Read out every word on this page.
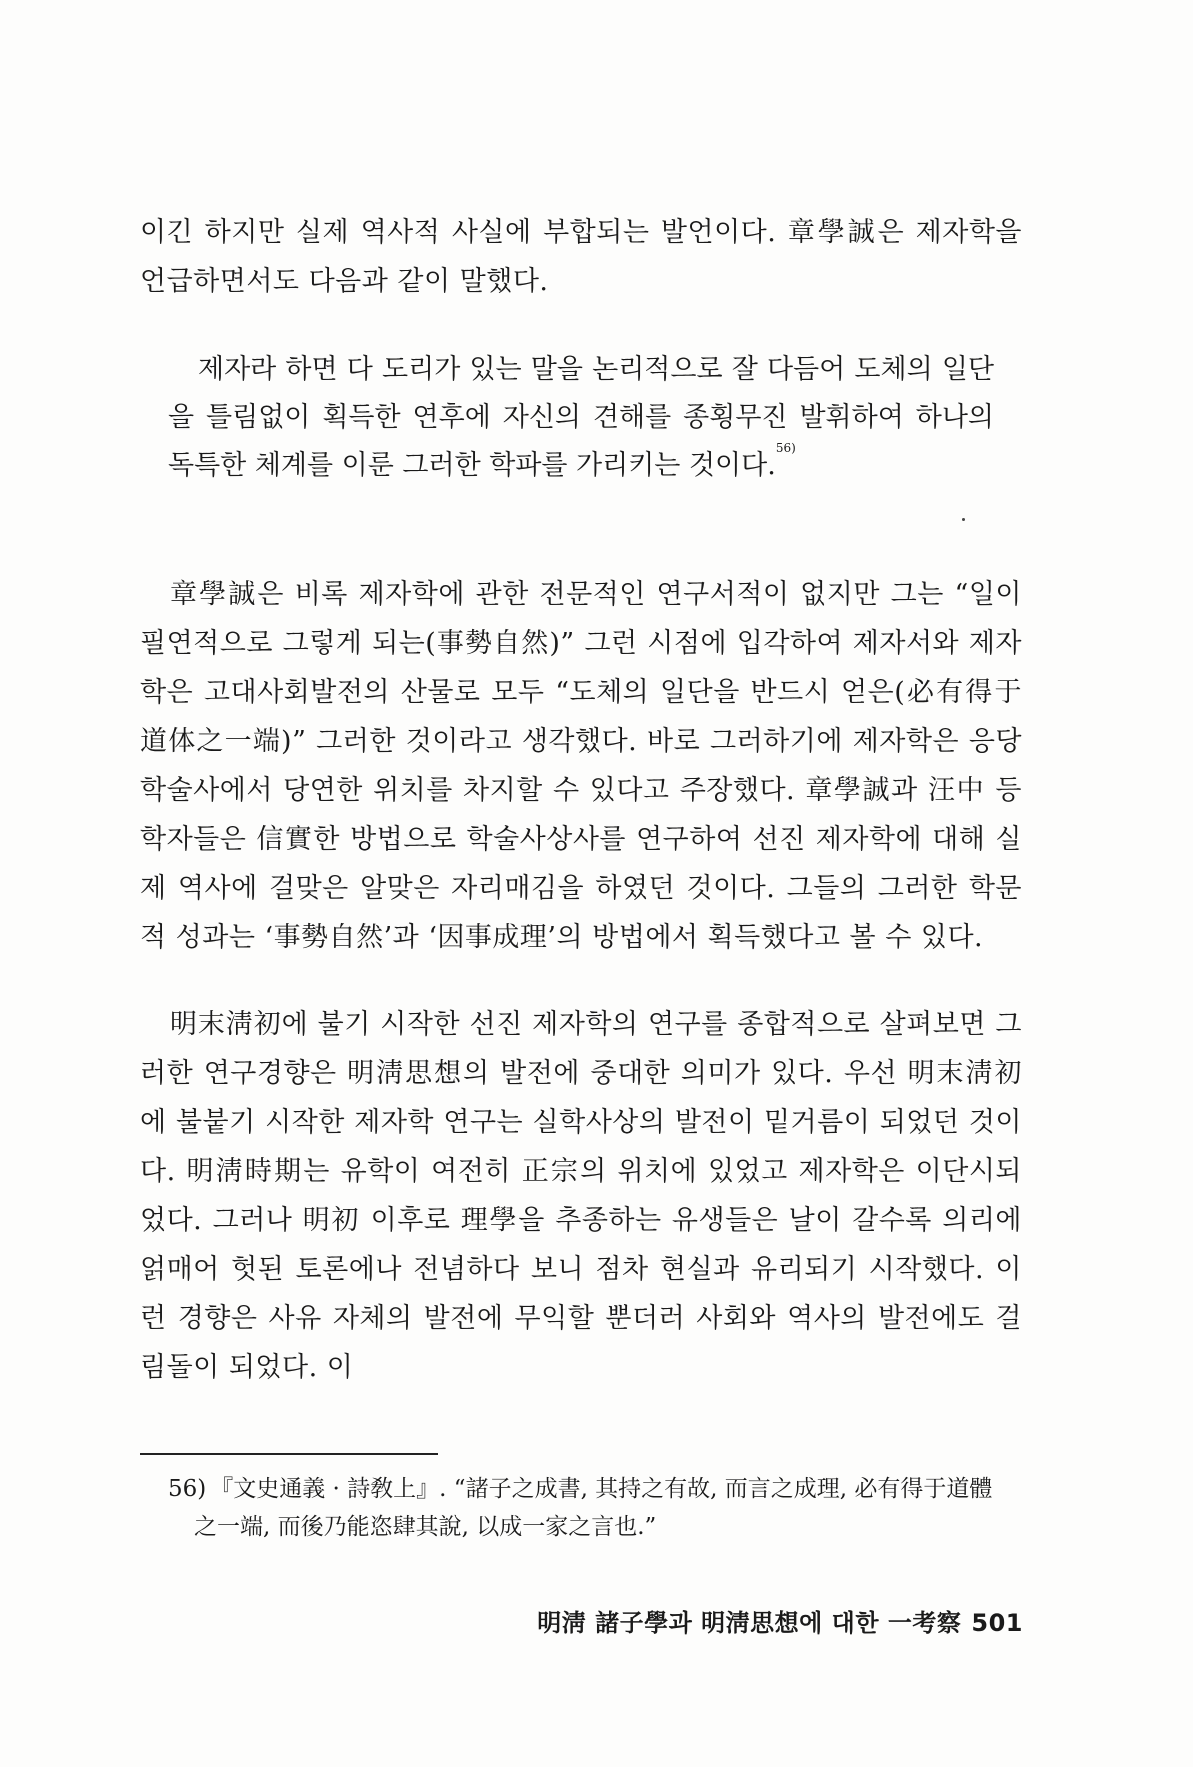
이긴 하지만 실제 역사적 사실에 부합되는 발언이다. 章學誠은 제자학을 언급하면서도 다음과 같이 말했다.
제자라 하면 다 도리가 있는 말을 논리적으로 잘 다듬어 도체의 일단을 틀림없이 획득한 연후에 자신의 견해를 종횡무진 발휘하여 하나의 독특한 체계를 이룬 그러한 학파를 가리키는 것이다.$^{56)}$
章學誠은 비록 제자학에 관한 전문적인 연구서적이 없지만 그는 “일이 필연적으로 그렇게 되는(事勢自然)” 그런 시점에 입각하여 제자서와 제자학은 고대사회발전의 산물로 모두 “도체의 일단을 반드시 얻은(必有得于道体之一端)” 그러한 것이라고 생각했다. 바로 그러하기에 제자학은 응당 학술사에서 당연한 위치를 차지할 수 있다고 주장했다. 章學誠과 汪中 등 학자들은 信實한 방법으로 학술사상사를 연구하여 선진 제자학에 대해 실제 역사에 걸맞은 알맞은 자리매김을 하였던 것이다. 그들의 그러한 학문적 성과는 ‘事勢自然’과 ‘因事成理’의 방법에서 획득했다고 볼 수 있다.
明末淸初에 불기 시작한 선진 제자학의 연구를 종합적으로 살펴보면 그러한 연구경향은 明淸思想의 발전에 중대한 의미가 있다. 우선 明末淸初에 불붙기 시작한 제자학 연구는 실학사상의 발전이 밑거름이 되었던 것이다. 明淸時期는 유학이 여전히 正宗의 위치에 있었고 제자학은 이단시되었다. 그러나 明初 이후로 理學을 추종하는 유생들은 날이 갈수록 의리에 얽매어 헛된 토론에나 전념하다 보니 점차 현실과 유리되기 시작했다. 이런 경향은 사유 자체의 발전에 무익할 뿐더러 사회와 역사의 발전에도 걸림돌이 되었다. 이
56) 『文史通義 · 詩敎上』. “諸子之成書, 其持之有故, 而言之成理, 必有得于道體
之一端, 而後乃能恣肆其說, 以成一家之言也.”
明淸 諸子學과 明淸思想에 대한 一考察 501
